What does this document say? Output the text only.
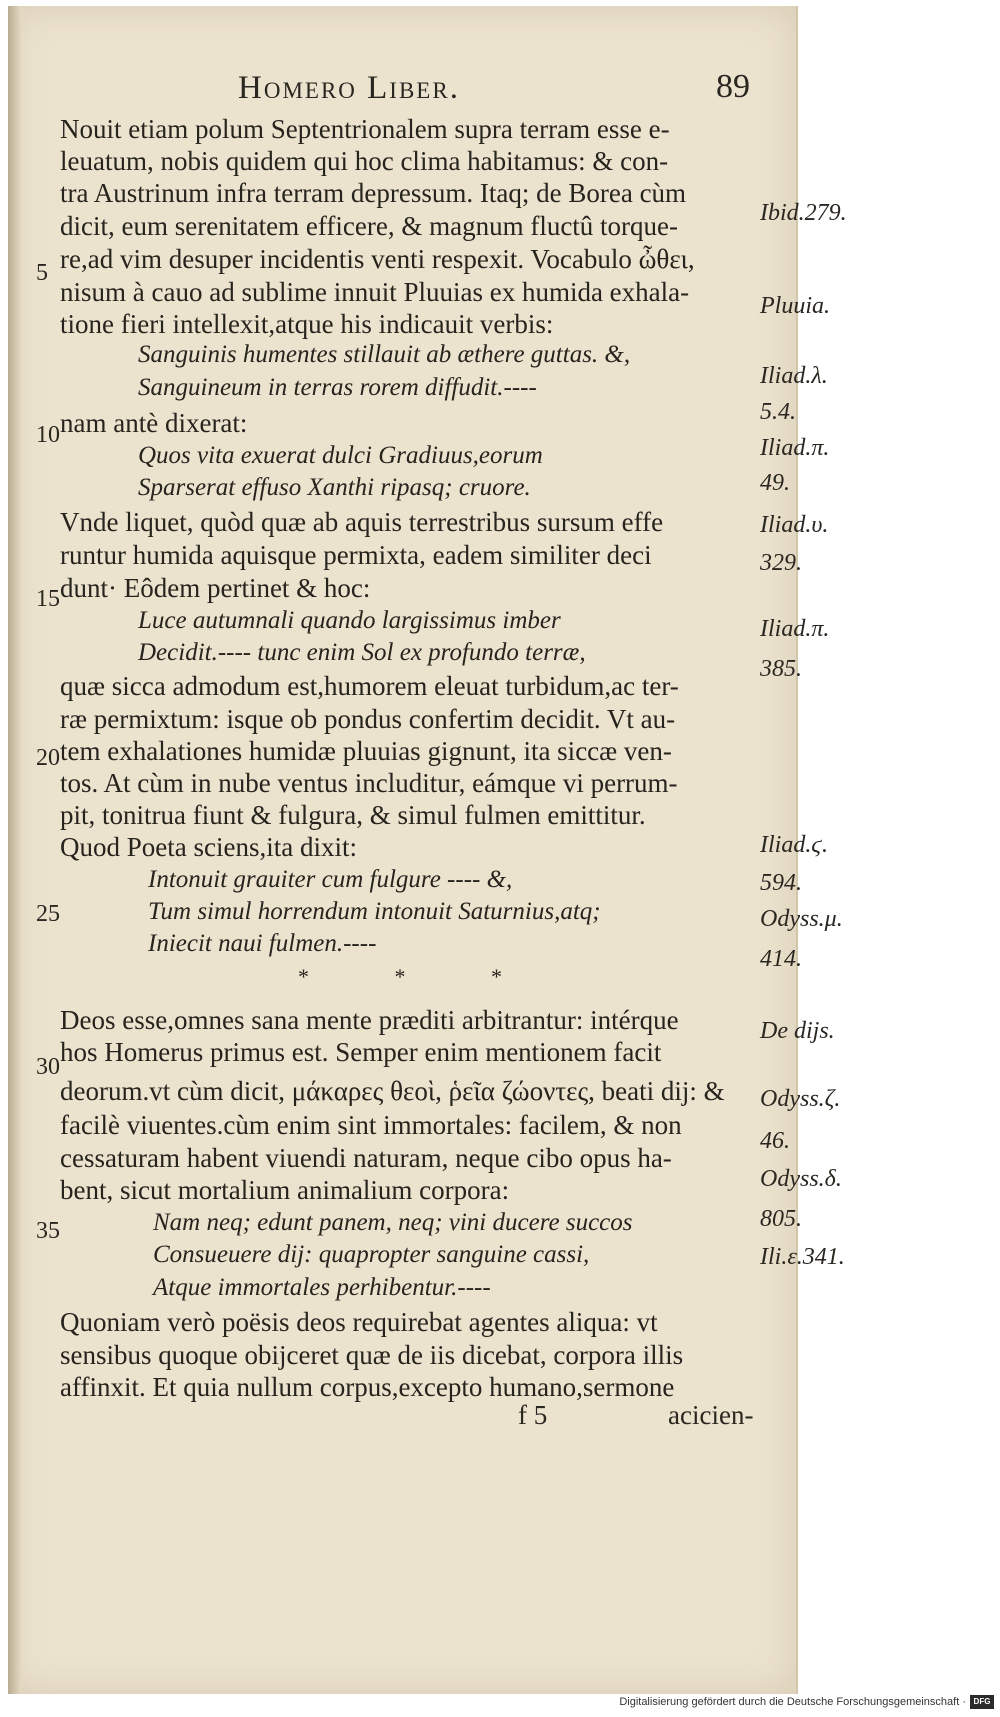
Homero Liber.	89
Nouit etiam polum Septentrionalem supra terram esse e-
leuatum, nobis quidem qui hoc clima habitamus: & con-
tra Austrinum infra terram depressum. Itaq; de Borea cùm
dicit, eum serenitatem efficere, & magnum fluctû torque-
re,ad vim desuper incidentis venti respexit. Vocabulo ὦθει,
nisum à cauo ad sublime innuit Pluuias ex humida exhala-
tione fieri intellexit,atque his indicauit verbis:
Sanguinis humentes stillauit ab æthere guttas. &,
Sanguineum in terras rorem diffudit.----
nam antè dixerat:
Quos vita exuerat dulci Gradiuus,eorum
Sparserat effuso Xanthi ripasq; cruore.
Vnde liquet, quòd quæ ab aquis terrestribus sursum effe
runtur humida aquisque permixta, eadem similiter deci
dunt· Eôdem pertinet & hoc:
Luce autumnali quando largissimus imber
Decidit.---- tunc enim Sol ex profundo terræ,
quæ sicca admodum est,humorem eleuat turbidum,ac ter-
ræ permixtum: isque ob pondus confertim decidit. Vt au-
tem exhalationes humidæ pluuias gignunt, ita siccæ ven-
tos. At cùm in nube ventus includitur, eámque vi perrum-
pit, tonitrua fiunt & fulgura, & simul fulmen emittitur.
Quod Poeta sciens,ita dixit:
Intonuit grauiter cum fulgure ---- &,
Tum simul horrendum intonuit Saturnius,atq;
Iniecit naui fulmen.----
* * *
Deos esse,omnes sana mente præditi arbitrantur: intérque
hos Homerus primus est. Semper enim mentionem facit
deorum.vt cùm dicit, μάκαρες θεοὶ, ῥεῖα ζώοντες, beati dij: &
facilè viuentes.cùm enim sint immortales: facilem, & non
cessaturam habent viuendi naturam, neque cibo opus ha-
bent, sicut mortalium animalium corpora:
Nam neq; edunt panem, neq; vini ducere succos
Consueuere dij: quapropter sanguine cassi,
Atque immortales perhibentur.----
Quoniam verò poësis deos requirebat agentes aliqua: vt
sensibus quoque obijceret quæ de iis dicebat, corpora illis
affinxit. Et quia nullum corpus,excepto humano,sermone
5
10
15
20
25
30
35
Ibid.279.
Pluuia.
Iliad.λ.
5.4.
Iliad.π.
49.
Iliad.υ.
329.
Iliad.π.
385.
Iliad.ϛ.
594.
Odyss.μ.
414.
De dijs.
Odyss.ζ.
46.
Odyss.δ.
805.
Ili.ε.341.
f 5	acicien-
Digitalisierung gefördert durch die Deutsche Forschungsgemeinschaft · DFG
